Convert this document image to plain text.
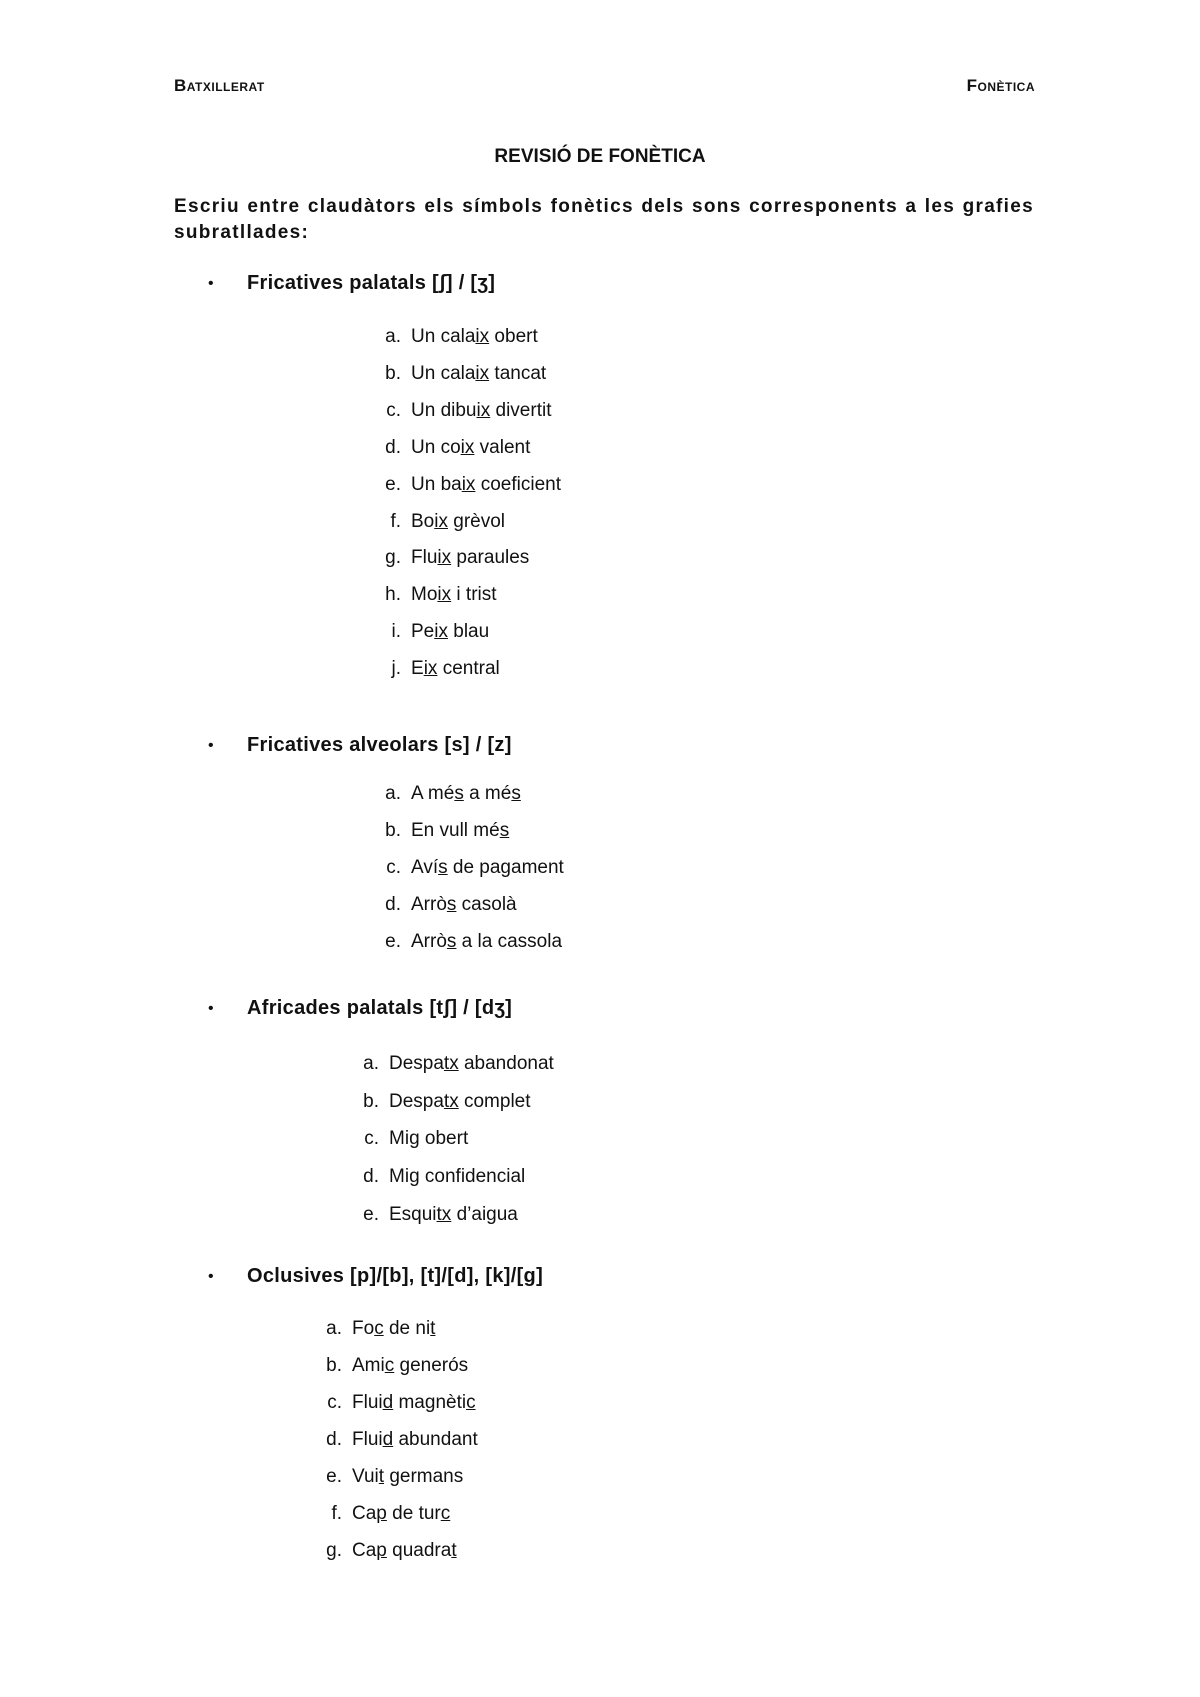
Batxillerat	Fonètica
REVISIÓ DE FONÈTICA
Escriu entre claudàtors els símbols fonètics dels sons corresponents a les grafies subratllades:
• Fricatives palatals [ʃ] / [ʒ]
a. Un calaix obert
b. Un calaix tancat
c. Un dibuix divertit
d. Un coix valent
e. Un baix coeficient
f. Boix grèvol
g. Fluix paraules
h. Moix i trist
i. Peix blau
j. Eix central
• Fricatives alveolars [s] / [z]
a. A més a més
b. En vull més
c. Avís de pagament
d. Arròs casolà
e. Arròs a la cassola
• Africades palatals [tʃ] / [dʒ]
a. Despatx abandonat
b. Despatx complet
c. Mig obert
d. Mig confidencial
e. Esquitx d’aigua
• Oclusives [p]/[b], [t]/[d], [k]/[g]
a. Foc de nit
b. Amic generós
c. Fluid magnètic
d. Fluid abundant
e. Vuit germans
f. Cap de turc
g. Cap quadrat
